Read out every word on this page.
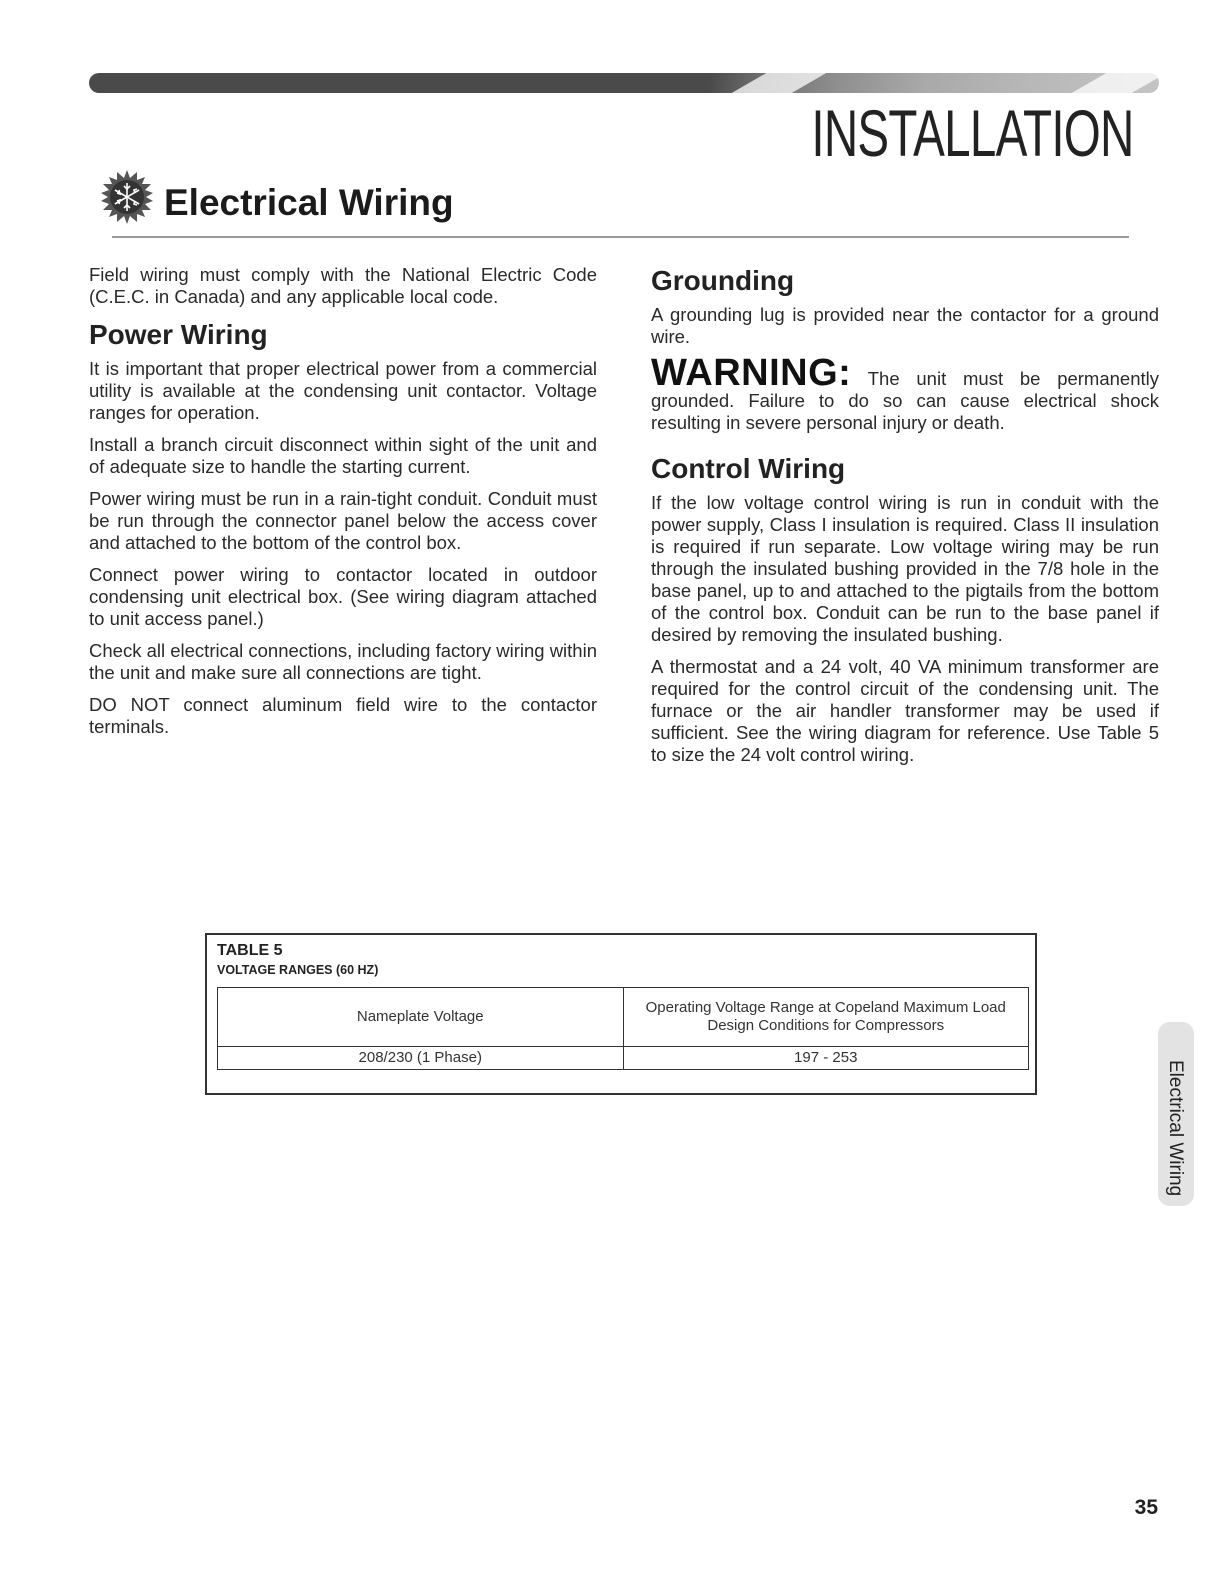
INSTALLATION
Electrical Wiring

Field wiring must comply with the National Electric Code (C.E.C. in Canada) and any applicable local code.

Power Wiring

It is important that proper electrical power from a commercial utility is available at the condensing unit contactor. Voltage ranges for operation.

Install a branch circuit disconnect within sight of the unit and of adequate size to handle the starting current.

Power wiring must be run in a rain-tight conduit. Conduit must be run through the connector panel below the access cover and attached to the bottom of the control box.

Connect power wiring to contactor located in outdoor condensing unit electrical box. (See wiring diagram attached to unit access panel.)

Check all electrical connections, including factory wiring within the unit and make sure all connections are tight.

DO NOT connect aluminum field wire to the contactor terminals.

Grounding

A grounding lug is provided near the contactor for a ground wire.

WARNING: The unit must be permanently grounded. Failure to do so can cause electrical shock resulting in severe personal injury or death.

Control Wiring

If the low voltage control wiring is run in conduit with the power supply, Class I insulation is required. Class II insulation is required if run separate. Low voltage wiring may be run through the insulated bushing provided in the 7/8 hole in the base panel, up to and attached to the pigtails from the bottom of the control box. Conduit can be run to the base panel if desired by removing the insulated bushing.

A thermostat and a 24 volt, 40 VA minimum transformer are required for the control circuit of the condensing unit. The furnace or the air handler transformer may be used if sufficient. See the wiring diagram for reference. Use Table 5 to size the 24 volt control wiring.

TABLE 5
VOLTAGE RANGES (60 HZ)
Nameplate Voltage	Operating Voltage Range at Copeland Maximum Load Design Conditions for Compressors
208/230 (1 Phase)	197 - 253
Electrical Wiring
35
